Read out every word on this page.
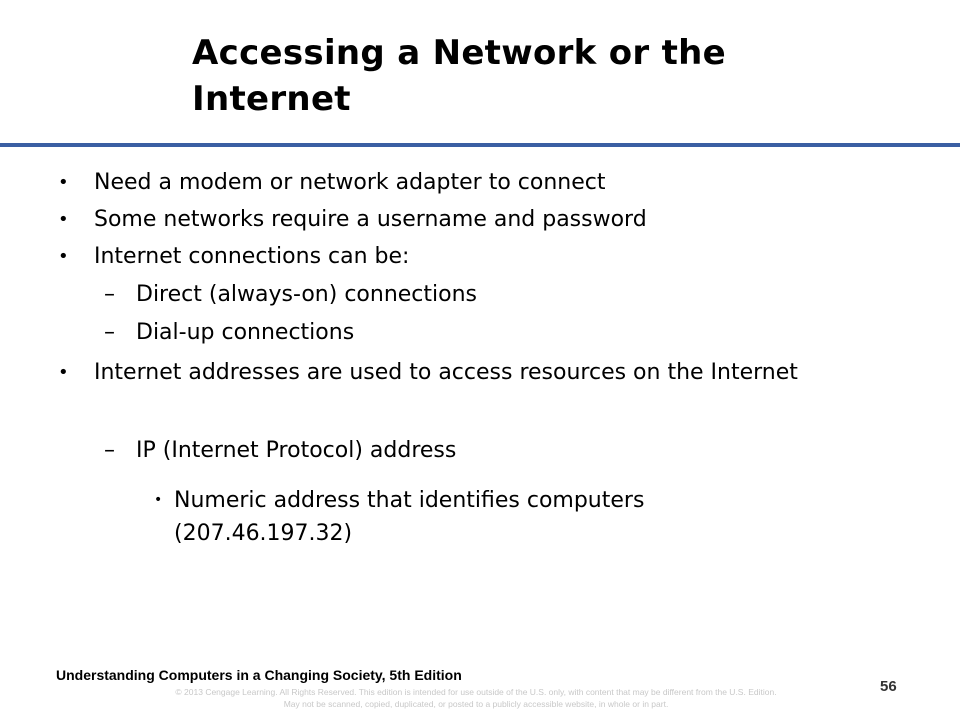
Accessing a Network or the Internet
• Need a modem or network adapter to connect
• Some networks require a username and password
• Internet connections can be:
– Direct (always-on) connections
– Dial-up connections
• Internet addresses are used to access resources on the Internet
– IP (Internet Protocol) address
• Numeric address that identifies computers (207.46.197.32)
Understanding Computers in a Changing Society, 5th Edition
© 2013 Cengage Learning. All Rights Reserved. This edition is intended for use outside of the U.S. only, with content that may be different from the U.S. Edition.
May not be scanned, copied, duplicated, or posted to a publicly accessible website, in whole or in part.
56
